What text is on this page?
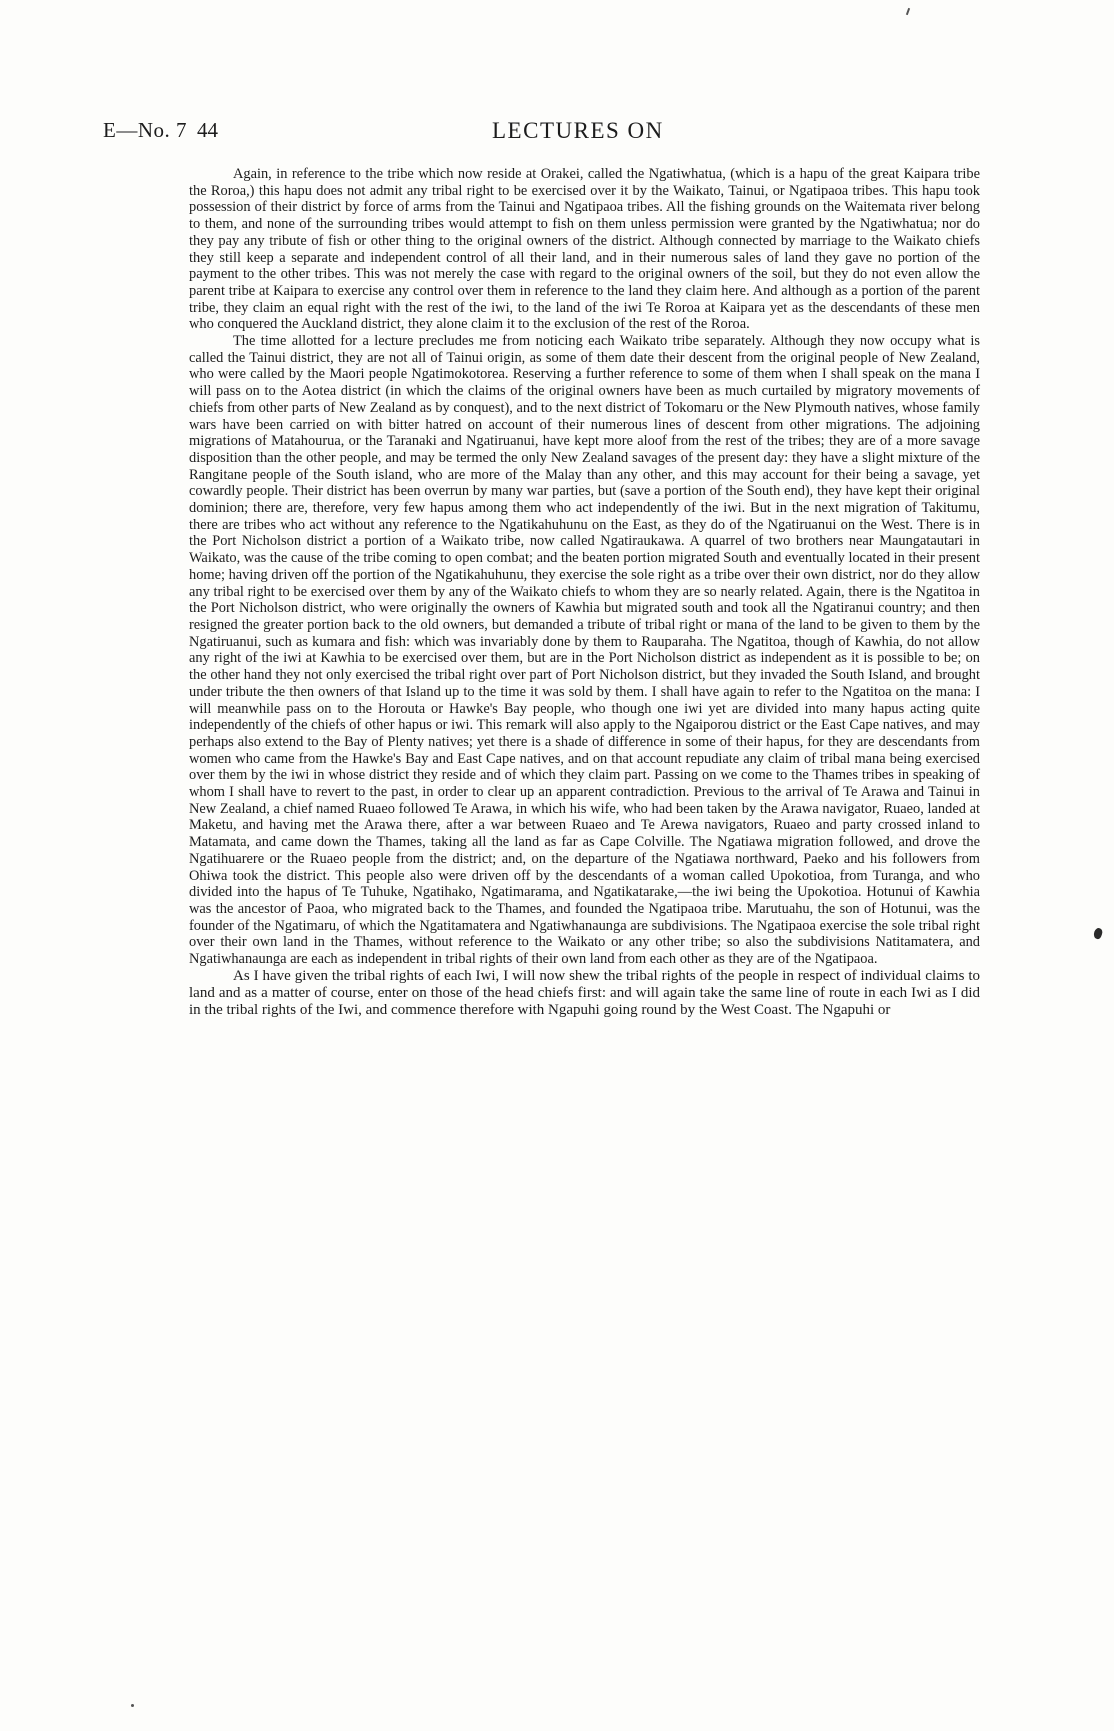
E—No. 7 44	LECTURES ON

Again, in reference to the tribe which now reside at Orakei, called the Ngatiwhatua, (which is a hapu of the great Kaipara tribe the Roroa,) this hapu does not admit any tribal right to be exercised over it by the Waikato, Tainui, or Ngatipaoa tribes. This hapu took possession of their district by force of arms from the Tainui and Ngatipaoa tribes. All the fishing grounds on the Waitemata river belong to them, and none of the surrounding tribes would attempt to fish on them unless permission were granted by the Ngatiwhatua; nor do they pay any tribute of fish or other thing to the original owners of the district. Although connected by marriage to the Waikato chiefs they still keep a separate and independent control of all their land, and in their numerous sales of land they gave no portion of the payment to the other tribes. This was not merely the case with regard to the original owners of the soil, but they do not even allow the parent tribe at Kaipara to exercise any control over them in reference to the land they claim here. And although as a portion of the parent tribe, they claim an equal right with the rest of the iwi, to the land of the iwi Te Roroa at Kaipara yet as the descendants of these men who conquered the Auckland district, they alone claim it to the exclusion of the rest of the Roroa.

The time allotted for a lecture precludes me from noticing each Waikato tribe separately. Although they now occupy what is called the Tainui district, they are not all of Tainui origin, as some of them date their descent from the original people of New Zealand, who were called by the Maori people Ngatimokotorea. Reserving a further reference to some of them when I shall speak on the mana I will pass on to the Aotea district (in which the claims of the original owners have been as much curtailed by migratory movements of chiefs from other parts of New Zealand as by conquest), and to the next district of Tokomaru or the New Plymouth natives, whose family wars have been carried on with bitter hatred on account of their numerous lines of descent from other migrations. The adjoining migrations of Matahourua, or the Taranaki and Ngatiruanui, have kept more aloof from the rest of the tribes; they are of a more savage disposition than the other people, and may be termed the only New Zealand savages of the present day: they have a slight mixture of the Rangitane people of the South island, who are more of the Malay than any other, and this may account for their being a savage, yet cowardly people. Their district has been overrun by many war parties, but (save a portion of the South end), they have kept their original dominion; there are, therefore, very few hapus among them who act independently of the iwi. But in the next migration of Takitumu, there are tribes who act without any reference to the Ngatikahuhunu on the East, as they do of the Ngatiruanui on the West. There is in the Port Nicholson district a portion of a Waikato tribe, now called Ngatiraukawa. A quarrel of two brothers near Maungatautari in Waikato, was the cause of the tribe coming to open combat; and the beaten portion migrated South and eventually located in their present home; having driven off the portion of the Ngatikahuhunu, they exercise the sole right as a tribe over their own district, nor do they allow any tribal right to be exercised over them by any of the Waikato chiefs to whom they are so nearly related. Again, there is the Ngatitoa in the Port Nicholson district, who were originally the owners of Kawhia but migrated south and took all the Ngatiranui country; and then resigned the greater portion back to the old owners, but demanded a tribute of tribal right or mana of the land to be given to them by the Ngatiruanui, such as kumara and fish: which was invariably done by them to Rauparaha. The Ngatitoa, though of Kawhia, do not allow any right of the iwi at Kawhia to be exercised over them, but are in the Port Nicholson district as independent as it is possible to be; on the other hand they not only exercised the tribal right over part of Port Nicholson district, but they invaded the South Island, and brought under tribute the then owners of that Island up to the time it was sold by them. I shall have again to refer to the Ngatitoa on the mana: I will meanwhile pass on to the Horouta or Hawke's Bay people, who though one iwi yet are divided into many hapus acting quite independently of the chiefs of other hapus or iwi. This remark will also apply to the Ngaiporou district or the East Cape natives, and may perhaps also extend to the Bay of Plenty natives; yet there is a shade of difference in some of their hapus, for they are descendants from women who came from the Hawke's Bay and East Cape natives, and on that account repudiate any claim of tribal mana being exercised over them by the iwi in whose district they reside and of which they claim part. Passing on we come to the Thames tribes in speaking of whom I shall have to revert to the past, in order to clear up an apparent contradiction. Previous to the arrival of Te Arawa and Tainui in New Zealand, a chief named Ruaeo followed Te Arawa, in which his wife, who had been taken by the Arawa navigator, Ruaeo, landed at Maketu, and having met the Arawa there, after a war between Ruaeo and Te Arewa navigators, Ruaeo and party crossed inland to Matamata, and came down the Thames, taking all the land as far as Cape Colville. The Ngatiawa migration followed, and drove the Ngatihuarere or the Ruaeo people from the district; and, on the departure of the Ngatiawa northward, Paeko and his followers from Ohiwa took the district. This people also were driven off by the descendants of a woman called Upokotioa, from Turanga, and who divided into the hapus of Te Tuhuke, Ngatihako, Ngatimarama, and Ngatikatarake,—the iwi being the Upokotioa. Hotunui of Kawhia was the ancestor of Paoa, who migrated back to the Thames, and founded the Ngatipaoa tribe. Marutuahu, the son of Hotunui, was the founder of the Ngatimaru, of which the Ngatitamatera and Ngatiwhanaunga are subdivisions. The Ngatipaoa exercise the sole tribal right over their own land in the Thames, without reference to the Waikato or any other tribe; so also the subdivisions Natitamatera, and Ngatiwhanaunga are each as independent in tribal rights of their own land from each other as they are of the Ngatipaoa.

As I have given the tribal rights of each Iwi, I will now shew the tribal rights of the people in respect of individual claims to land and as a matter of course, enter on those of the head chiefs first: and will again take the same line of route in each Iwi as I did in the tribal rights of the Iwi, and commence therefore with Ngapuhi going round by the West Coast. The Ngapuhi or
